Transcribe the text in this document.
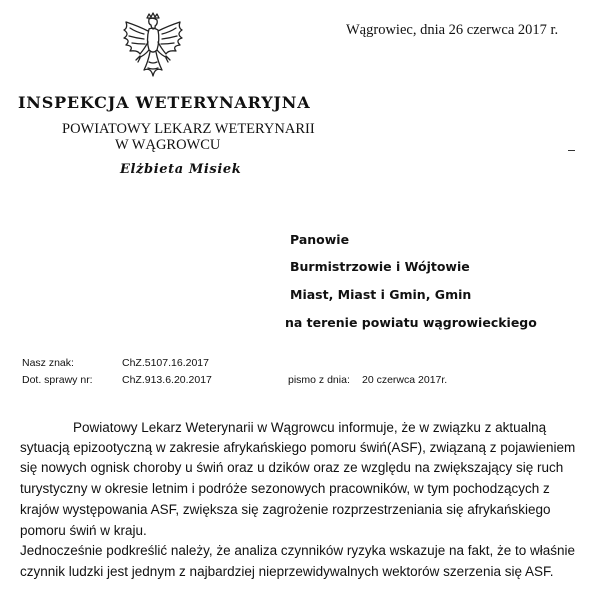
Wągrowiec, dnia 26 czerwca 2017 r.
INSPEKCJA WETERYNARYJNA
POWIATOWY LEKARZ WETERYNARII
W WĄGROWCU
Elżbieta Misiek
Panowie
Burmistrzowie i Wójtowie
Miast, Miast i Gmin, Gmin
na terenie powiatu wągrowieckiego
Nasz znak:	ChZ.5107.16.2017
Dot. sprawy nr:	ChZ.913.6.20.2017	pismo z dnia: 20 czerwca 2017r.
Powiatowy Lekarz Weterynarii w Wągrowcu informuje, że w związku z aktualną
sytuacją epizootyczną w zakresie afrykańskiego pomoru świń(ASF), związaną z pojawieniem
się nowych ognisk choroby u świń oraz u dzików oraz ze względu na zwiększający się ruch
turystyczny w okresie letnim i podróże sezonowych pracowników, w tym pochodzących z
krajów występowania ASF, zwiększa się zagrożenie rozprzestrzeniania się afrykańskiego
pomoru świń w kraju.
Jednocześnie podkreślić należy, że analiza czynników ryzyka wskazuje na fakt, że to właśnie
czynnik ludzki jest jednym z najbardziej nieprzewidywalnych wektorów szerzenia się ASF.
